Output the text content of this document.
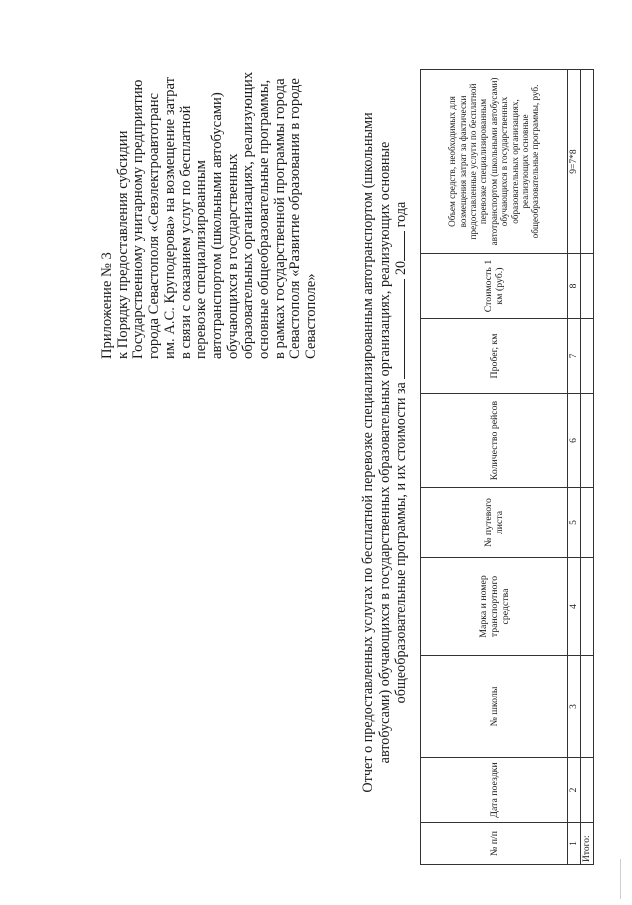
Приложение № 3 к Порядку предоставления субсидии Государственному унитарному предприятию города Севастополя «Севэлектроавтотранс им. А.С. Круподерова» на возмещение затрат в связи с оказанием услуг по бесплатной перевозке специализированным автотранспортом (школьными автобусами) обучающихся в государственных образовательных организациях, реализующих основные общеобразовательные программы, в рамках государственной программы города Севастополя «Развитие образования в городе Севастополе»	Отчет о предоставленных услугах по бесплатной перевозке специализированным автотранспортом (школьными автобусами) обучающихся в государственных образовательных организациях, реализующих основные общеобразовательные программы, и их стоимости за  20 года
№ п/п	Дата поездки	№ школы	Марка и номер транспортного средства	№ путевого листа	Количество рейсов	Пробег, км	Стоимость 1 км (руб.)	Объем средств, необходимых для возмещения затрат за фактически предоставленные услуги по бесплатной перевозке специализированным автотранспортом (школьными автобусами) обучающихся в государственных образовательных организациях, реализующих основные общеобразовательные программы, руб.
1	2	3	4	5	6	7	8	9=7*8
Итого:								
